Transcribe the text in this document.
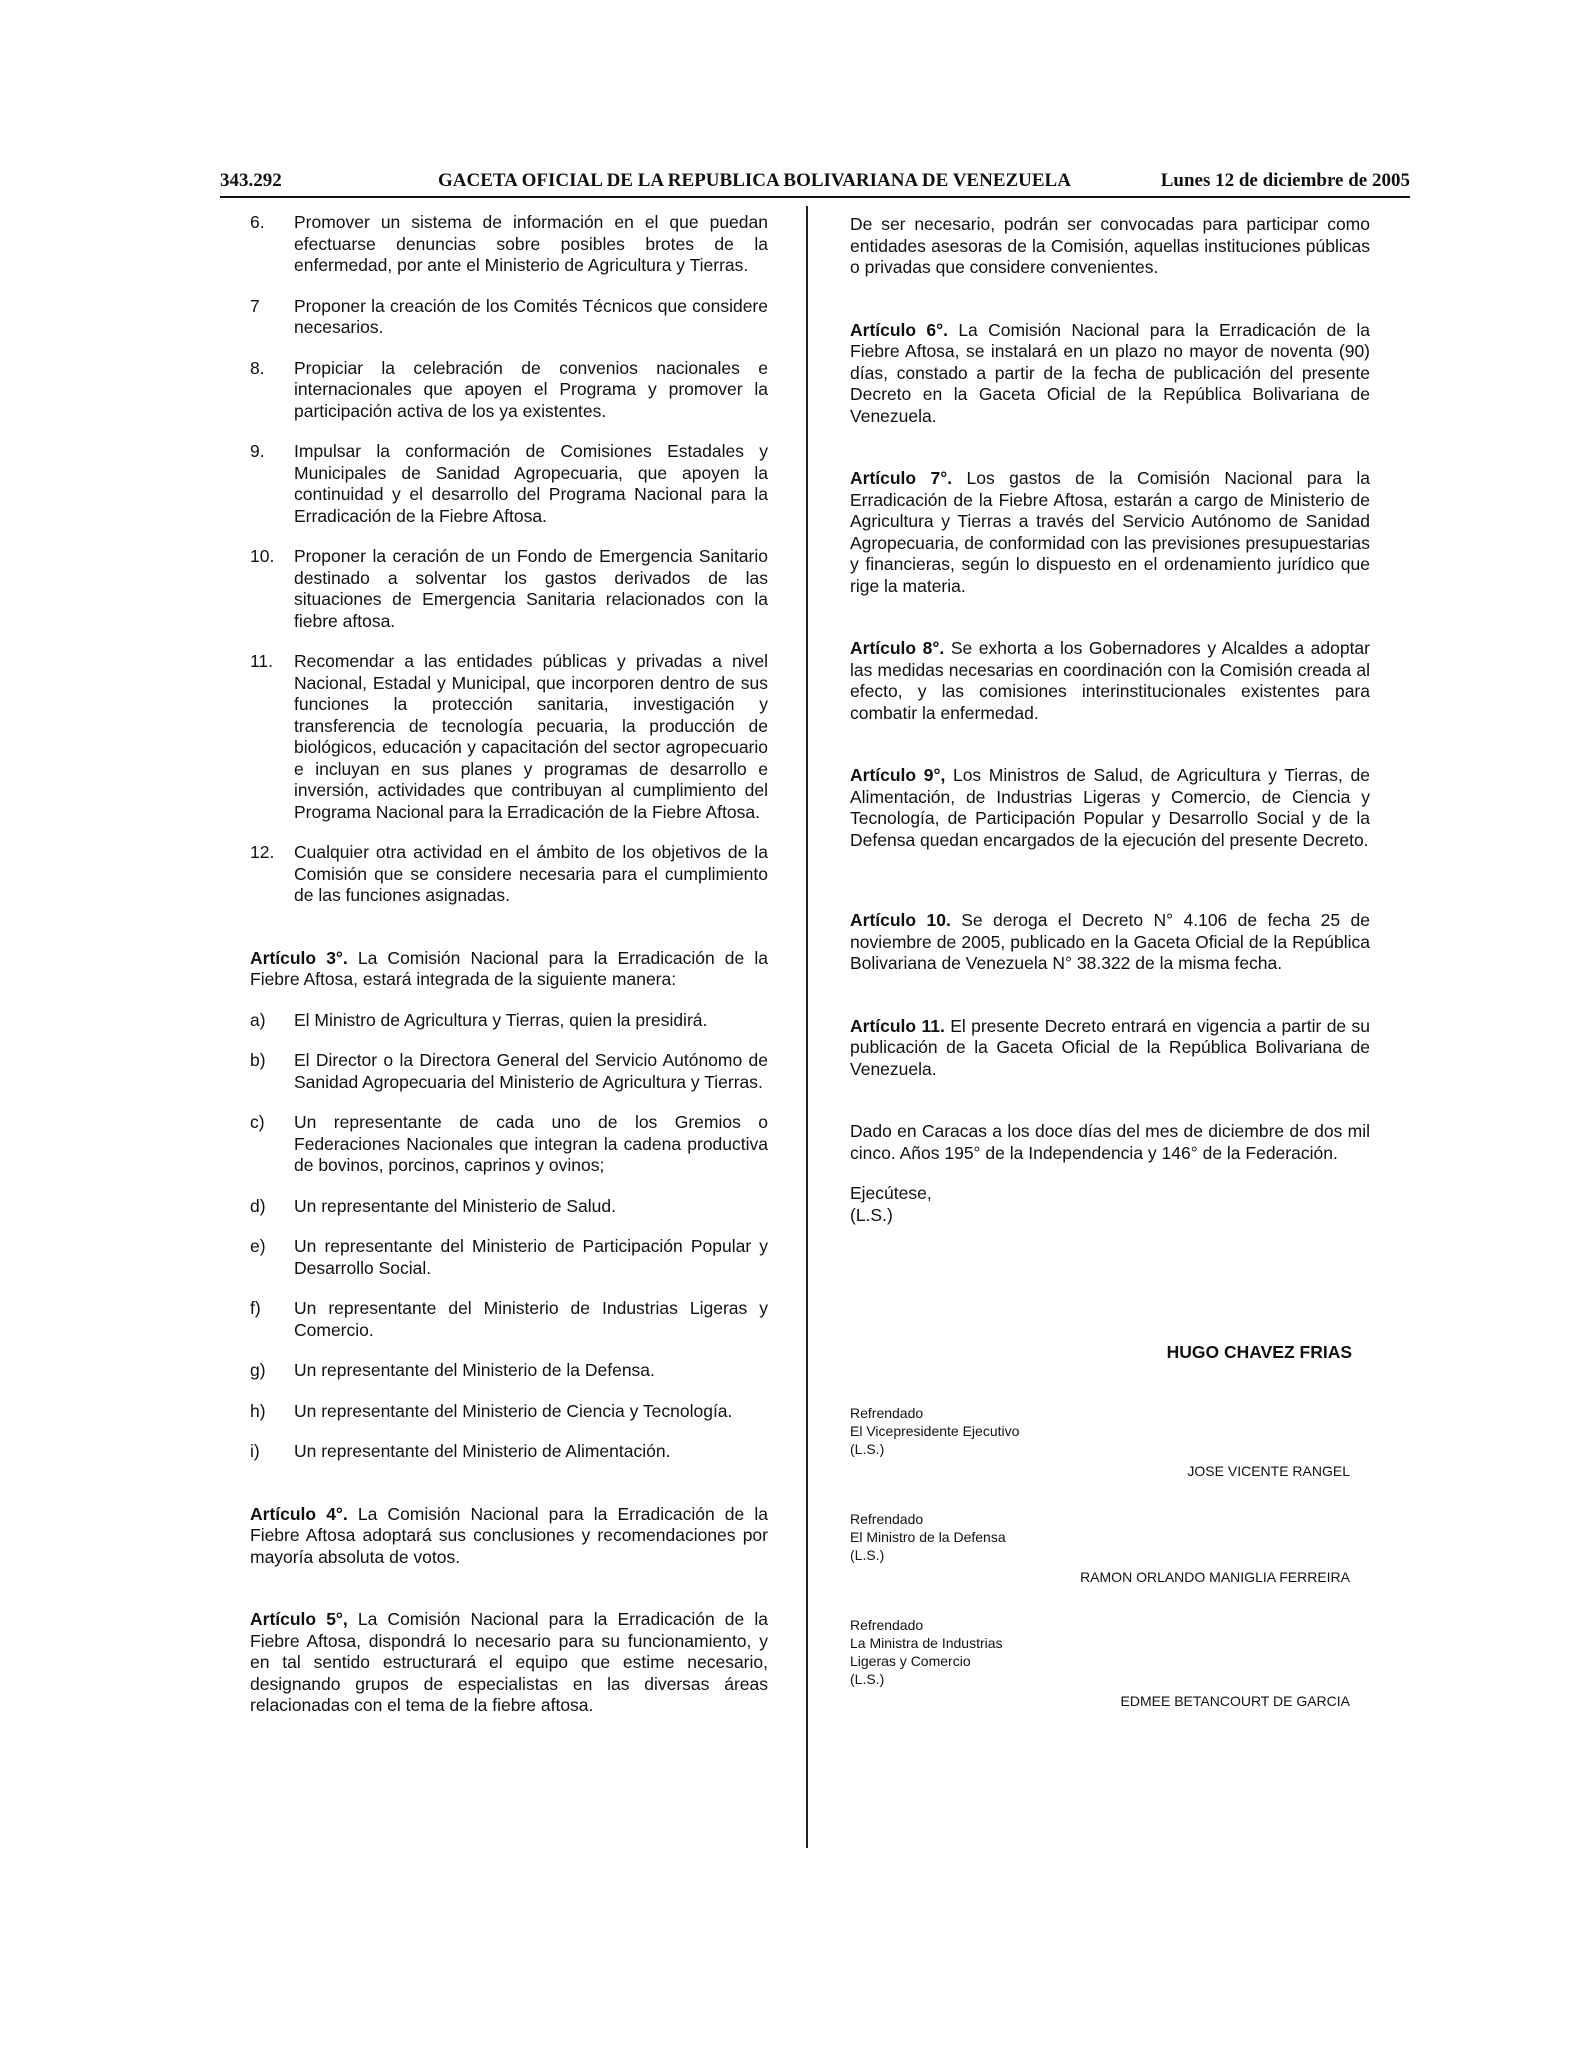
343.292	GACETA OFICIAL DE LA REPUBLICA BOLIVARIANA DE VENEZUELA	Lunes 12 de diciembre de 2005
6. Promover un sistema de información en el que puedan efectuarse denuncias sobre posibles brotes de la enfermedad, por ante el Ministerio de Agricultura y Tierras.
7 Proponer la creación de los Comités Técnicos que considere necesarios.
8. Propiciar la celebración de convenios nacionales e internacionales que apoyen el Programa y promover la participación activa de los ya existentes.
9. Impulsar la conformación de Comisiones Estadales y Municipales de Sanidad Agropecuaria, que apoyen la continuidad y el desarrollo del Programa Nacional para la Erradicación de la Fiebre Aftosa.
10. Proponer la ceración de un Fondo de Emergencia Sanitario destinado a solventar los gastos derivados de las situaciones de Emergencia Sanitaria relacionados con la fiebre aftosa.
11. Recomendar a las entidades públicas y privadas a nivel Nacional, Estadal y Municipal, que incorporen dentro de sus funciones la protección sanitaria, investigación y transferencia de tecnología pecuaria, la producción de biológicos, educación y capacitación del sector agropecuario e incluyan en sus planes y programas de desarrollo e inversión, actividades que contribuyan al cumplimiento del Programa Nacional para la Erradicación de la Fiebre Aftosa.
12. Cualquier otra actividad en el ámbito de los objetivos de la Comisión que se considere necesaria para el cumplimiento de las funciones asignadas.

Artículo 3°. La Comisión Nacional para la Erradicación de la Fiebre Aftosa, estará integrada de la siguiente manera:

a) El Ministro de Agricultura y Tierras, quien la presidirá.
b) El Director o la Directora General del Servicio Autónomo de Sanidad Agropecuaria del Ministerio de Agricultura y Tierras.
c) Un representante de cada uno de los Gremios o Federaciones Nacionales que integran la cadena productiva de bovinos, porcinos, caprinos y ovinos;
d) Un representante del Ministerio de Salud.
e) Un representante del Ministerio de Participación Popular y Desarrollo Social.
f) Un representante del Ministerio de Industrias Ligeras y Comercio.
g) Un representante del Ministerio de la Defensa.
h) Un representante del Ministerio de Ciencia y Tecnología.
i) Un representante del Ministerio de Alimentación.

Artículo 4°. La Comisión Nacional para la Erradicación de la Fiebre Aftosa adoptará sus conclusiones y recomendaciones por mayoría absoluta de votos.

Artículo 5°, La Comisión Nacional para la Erradicación de la Fiebre Aftosa, dispondrá lo necesario para su funcionamiento, y en tal sentido estructurará el equipo que estime necesario, designando grupos de especialistas en las diversas áreas relacionadas con el tema de la fiebre aftosa.

De ser necesario, podrán ser convocadas para participar como entidades asesoras de la Comisión, aquellas instituciones públicas o privadas que considere convenientes.

Artículo 6°. La Comisión Nacional para la Erradicación de la Fiebre Aftosa, se instalará en un plazo no mayor de noventa (90) días, constado a partir de la fecha de publicación del presente Decreto en la Gaceta Oficial de la República Bolivariana de Venezuela.

Artículo 7°. Los gastos de la Comisión Nacional para la Erradicación de la Fiebre Aftosa, estarán a cargo de Ministerio de Agricultura y Tierras a través del Servicio Autónomo de Sanidad Agropecuaria, de conformidad con las previsiones presupuestarias y financieras, según lo dispuesto en el ordenamiento jurídico que rige la materia.

Artículo 8°. Se exhorta a los Gobernadores y Alcaldes a adoptar las medidas necesarias en coordinación con la Comisión creada al efecto, y las comisiones interinstitucionales existentes para combatir la enfermedad.

Artículo 9°, Los Ministros de Salud, de Agricultura y Tierras, de Alimentación, de Industrias Ligeras y Comercio, de Ciencia y Tecnología, de Participación Popular y Desarrollo Social y de la Defensa quedan encargados de la ejecución del presente Decreto.

Artículo 10. Se deroga el Decreto N° 4.106 de fecha 25 de noviembre de 2005, publicado en la Gaceta Oficial de la República Bolivariana de Venezuela N° 38.322 de la misma fecha.

Artículo 11. El presente Decreto entrará en vigencia a partir de su publicación de la Gaceta Oficial de la República Bolivariana de Venezuela.

Dado en Caracas a los doce días del mes de diciembre de dos mil cinco. Años 195° de la Independencia y 146° de la Federación.

Ejecútese,

(L.S.)

HUGO CHAVEZ FRIAS
Refrendado
El Vicepresidente Ejecutivo
(L.S.)
JOSE VICENTE RANGEL
Refrendado
El Ministro de la Defensa
(L.S.)
RAMON ORLANDO MANIGLIA FERREIRA
Refrendado
La Ministra de Industrias
Ligeras y Comercio
(L.S.)
EDMEE BETANCOURT DE GARCIA
